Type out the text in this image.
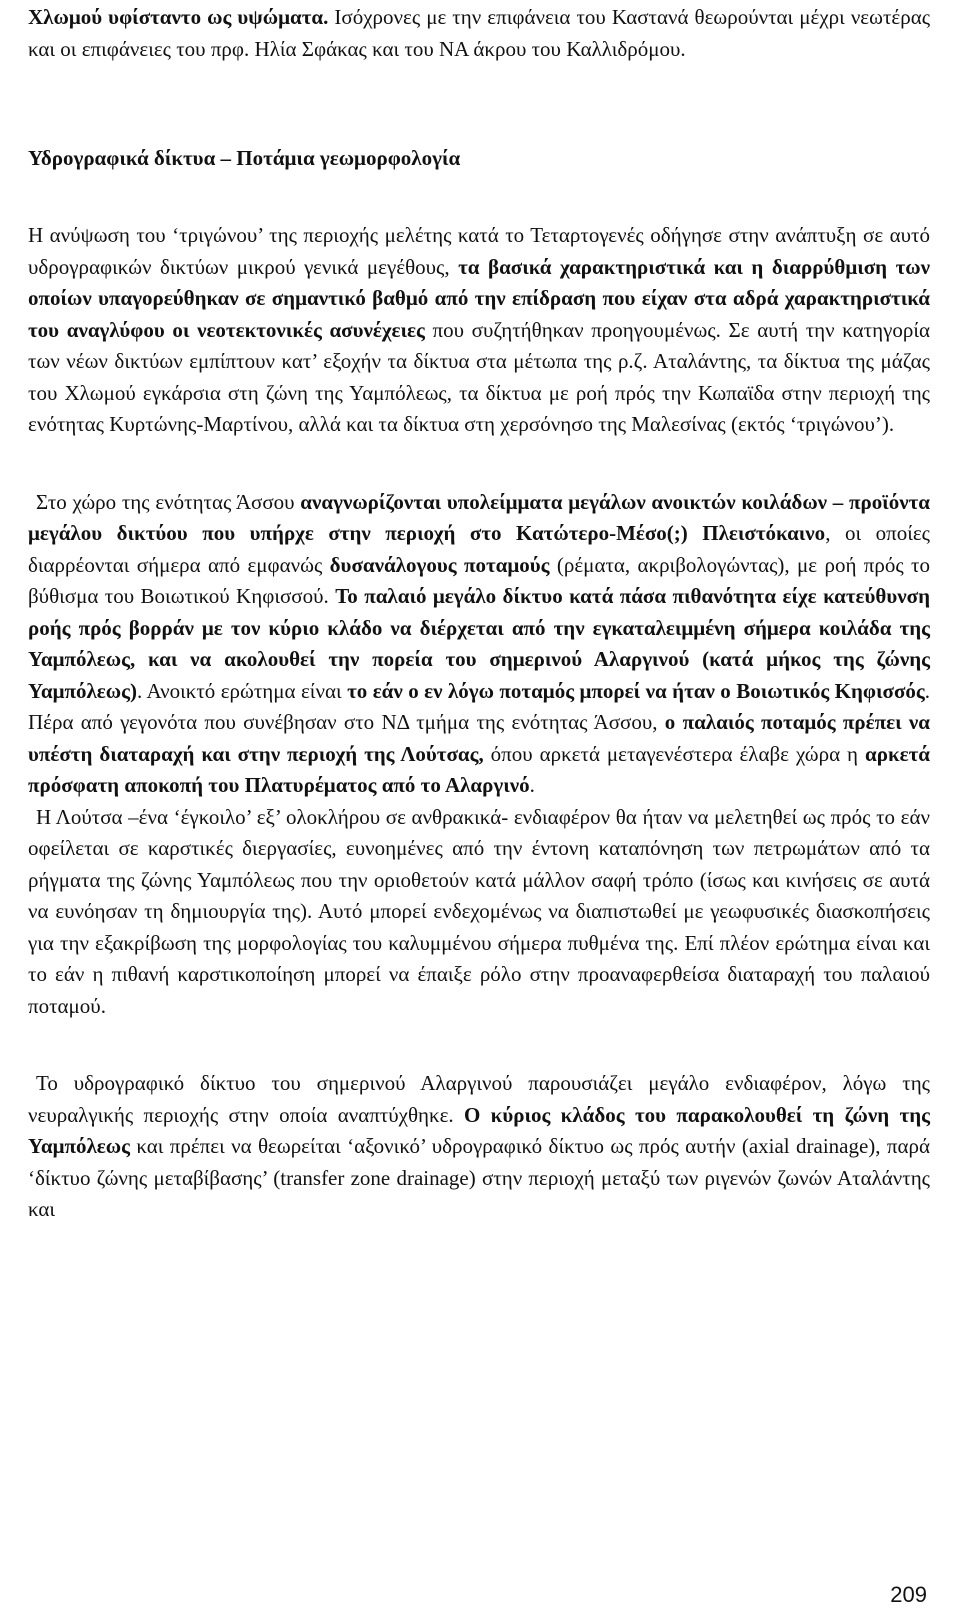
Χλωμού υφίσταντο ως υψώματα. Ισόχρονες με την επιφάνεια του Καστανά θεωρούνται μέχρι νεωτέρας και οι επιφάνειες του πρφ. Ηλία Σφάκας και του ΝΑ άκρου του Καλλιδρόμου.

Υδρογραφικά δίκτυα – Ποτάμια γεωμορφολογία

Η ανύψωση του ‘τριγώνου’ της περιοχής μελέτης κατά το Τεταρτογενές οδήγησε στην ανάπτυξη σε αυτό υδρογραφικών δικτύων μικρού γενικά μεγέθους, τα βασικά χαρακτηριστικά και η διαρρύθμιση των οποίων υπαγορεύθηκαν σε σημαντικό βαθμό από την επίδραση που είχαν στα αδρά χαρακτηριστικά του αναγλύφου οι νεοτεκτονικές ασυνέχειες που συζητήθηκαν προηγουμένως. Σε αυτή την κατηγορία των νέων δικτύων εμπίπτουν κατ’ εξοχήν τα δίκτυα στα μέτωπα της ρ.ζ. Αταλάντης, τα δίκτυα της μάζας του Χλωμού εγκάρσια στη ζώνη της Υαμπόλεως, τα δίκτυα με ροή πρός την Κωπαϊδα στην περιοχή της ενότητας Κυρτώνης-Μαρτίνου, αλλά και τα δίκτυα στη χερσόνησο της Μαλεσίνας (εκτός ‘τριγώνου’).

Στο χώρο της ενότητας Άσσου αναγνωρίζονται υπολείμματα μεγάλων ανοικτών κοιλάδων – προϊόντα μεγάλου δικτύου που υπήρχε στην περιοχή στο Κατώτερο-Μέσο(;) Πλειστόκαινο, οι οποίες διαρρέονται σήμερα από εμφανώς δυσανάλογους ποταμούς (ρέματα, ακριβολογώντας), με ροή πρός το βύθισμα του Βοιωτικού Κηφισσού. Το παλαιό μεγάλο δίκτυο κατά πάσα πιθανότητα είχε κατεύθυνση ροής πρός βορράν με τον κύριο κλάδο να διέρχεται από την εγκαταλειμμένη σήμερα κοιλάδα της Υαμπόλεως, και να ακολουθεί την πορεία του σημερινού Αλαργινού (κατά μήκος της ζώνης Υαμπόλεως). Ανοικτό ερώτημα είναι το εάν ο εν λόγω ποταμός μπορεί να ήταν ο Βοιωτικός Κηφισσός. Πέρα από γεγονότα που συνέβησαν στο ΝΔ τμήμα της ενότητας Άσσου, ο παλαιός ποταμός πρέπει να υπέστη διαταραχή και στην περιοχή της Λούτσας, όπου αρκετά μεταγενέστερα έλαβε χώρα η αρκετά πρόσφατη αποκοπή του Πλατυρέματος από το Αλαργινό.

Η Λούτσα –ένα ‘έγκοιλο’ εξ’ ολοκλήρου σε ανθρακικά- ενδιαφέρον θα ήταν να μελετηθεί ως πρός το εάν οφείλεται σε καρστικές διεργασίες, ευνοημένες από την έντονη καταπόνηση των πετρωμάτων από τα ρήγματα της ζώνης Υαμπόλεως που την οριοθετούν κατά μάλλον σαφή τρόπο (ίσως και κινήσεις σε αυτά να ευνόησαν τη δημιουργία της). Αυτό μπορεί ενδεχομένως να διαπιστωθεί με γεωφυσικές διασκοπήσεις για την εξακρίβωση της μορφολογίας του καλυμμένου σήμερα πυθμένα της. Επί πλέον ερώτημα είναι και το εάν η πιθανή καρστικοποίηση μπορεί να έπαιξε ρόλο στην προαναφερθείσα διαταραχή του παλαιού ποταμού.

Το υδρογραφικό δίκτυο του σημερινού Αλαργινού παρουσιάζει μεγάλο ενδιαφέρον, λόγω της νευραλγικής περιοχής στην οποία αναπτύχθηκε. Ο κύριος κλάδος του παρακολουθεί τη ζώνη της Υαμπόλεως και πρέπει να θεωρείται ‘αξονικό’ υδρογραφικό δίκτυο ως πρός αυτήν (axial drainage), παρά ‘δίκτυο ζώνης μεταβίβασης’ (transfer zone drainage) στην περιοχή μεταξύ των ριγενών ζωνών Αταλάντης και

209
